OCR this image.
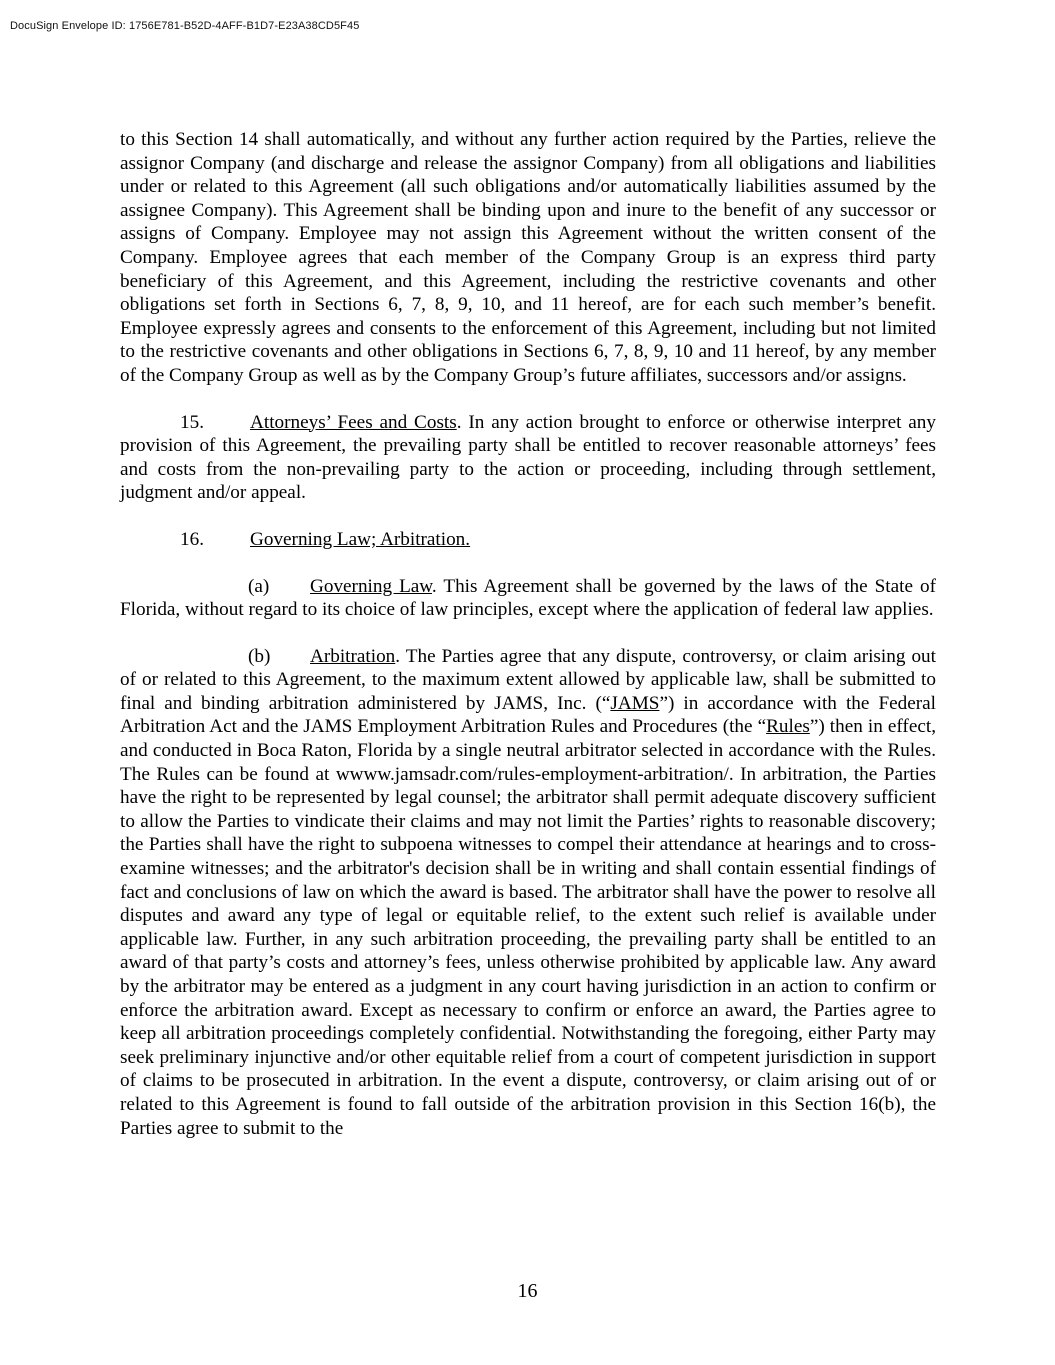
DocuSign Envelope ID: 1756E781-B52D-4AFF-B1D7-E23A38CD5F45

to this Section 14 shall automatically, and without any further action required by the Parties, relieve the assignor Company (and discharge and release the assignor Company) from all obligations and liabilities under or related to this Agreement (all such obligations and/or automatically liabilities assumed by the assignee Company). This Agreement shall be binding upon and inure to the benefit of any successor or assigns of Company. Employee may not assign this Agreement without the written consent of the Company. Employee agrees that each member of the Company Group is an express third party beneficiary of this Agreement, and this Agreement, including the restrictive covenants and other obligations set forth in Sections 6, 7, 8, 9, 10, and 11 hereof, are for each such member’s benefit. Employee expressly agrees and consents to the enforcement of this Agreement, including but not limited to the restrictive covenants and other obligations in Sections 6, 7, 8, 9, 10 and 11 hereof, by any member of the Company Group as well as by the Company Group’s future affiliates, successors and/or assigns.

15. Attorneys’ Fees and Costs. In any action brought to enforce or otherwise interpret any provision of this Agreement, the prevailing party shall be entitled to recover reasonable attorneys’ fees and costs from the non-prevailing party to the action or proceeding, including through settlement, judgment and/or appeal.

16. Governing Law; Arbitration.

(a) Governing Law. This Agreement shall be governed by the laws of the State of Florida, without regard to its choice of law principles, except where the application of federal law applies.

(b) Arbitration. The Parties agree that any dispute, controversy, or claim arising out of or related to this Agreement, to the maximum extent allowed by applicable law, shall be submitted to final and binding arbitration administered by JAMS, Inc. (“JAMS”) in accordance with the Federal Arbitration Act and the JAMS Employment Arbitration Rules and Procedures (the “Rules”) then in effect, and conducted in Boca Raton, Florida by a single neutral arbitrator selected in accordance with the Rules. The Rules can be found at wwww.jamsadr.com/rules-employment-arbitration/. In arbitration, the Parties have the right to be represented by legal counsel; the arbitrator shall permit adequate discovery sufficient to allow the Parties to vindicate their claims and may not limit the Parties’ rights to reasonable discovery; the Parties shall have the right to subpoena witnesses to compel their attendance at hearings and to cross-examine witnesses; and the arbitrator's decision shall be in writing and shall contain essential findings of fact and conclusions of law on which the award is based. The arbitrator shall have the power to resolve all disputes and award any type of legal or equitable relief, to the extent such relief is available under applicable law. Further, in any such arbitration proceeding, the prevailing party shall be entitled to an award of that party’s costs and attorney’s fees, unless otherwise prohibited by applicable law. Any award by the arbitrator may be entered as a judgment in any court having jurisdiction in an action to confirm or enforce the arbitration award. Except as necessary to confirm or enforce an award, the Parties agree to keep all arbitration proceedings completely confidential. Notwithstanding the foregoing, either Party may seek preliminary injunctive and/or other equitable relief from a court of competent jurisdiction in support of claims to be prosecuted in arbitration. In the event a dispute, controversy, or claim arising out of or related to this Agreement is found to fall outside of the arbitration provision in this Section 16(b), the Parties agree to submit to the

16
